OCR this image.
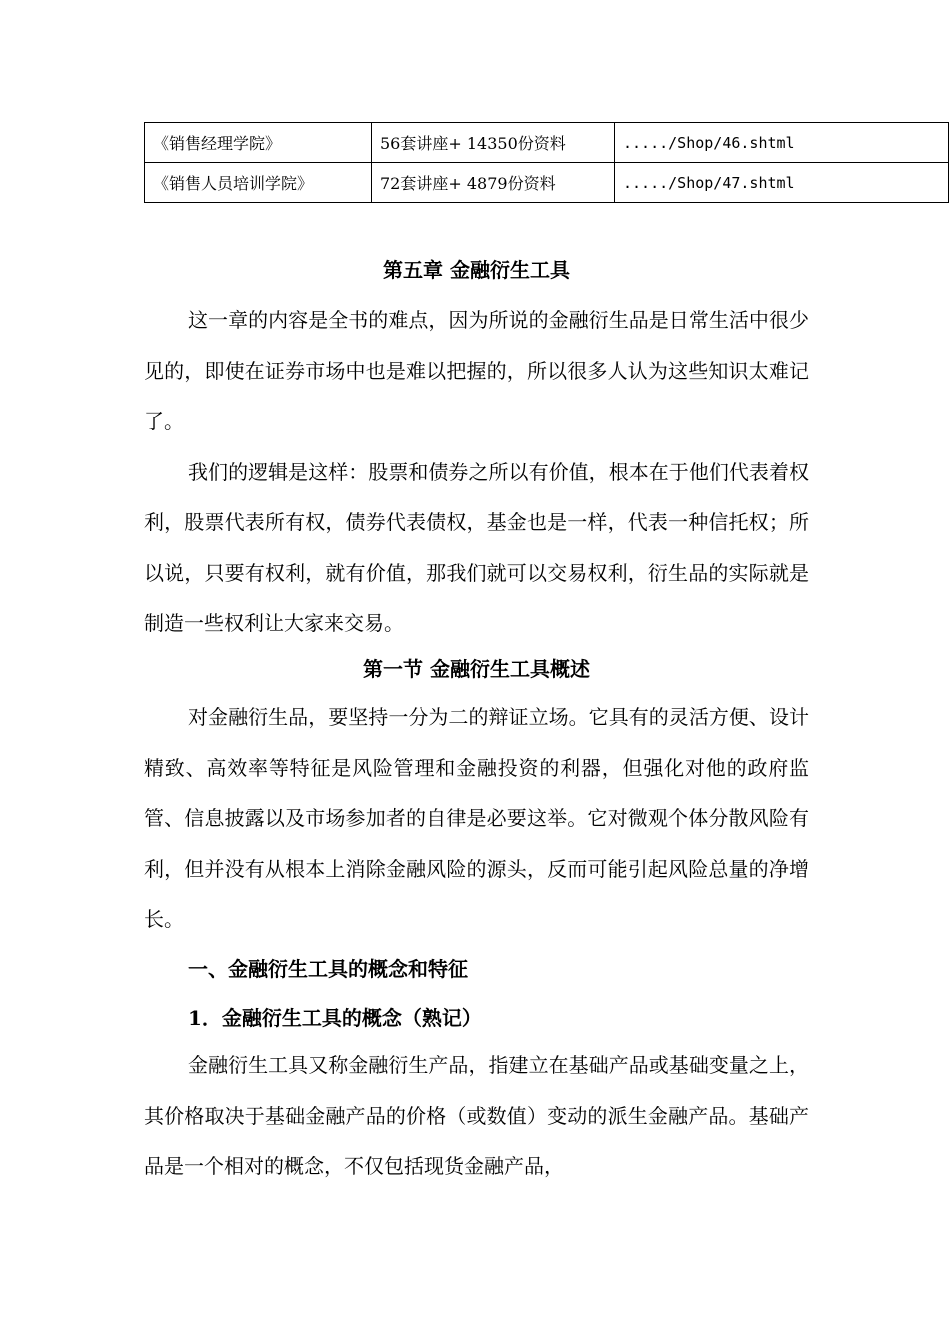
《销售经理学院》	56套讲座+ 14350份资料	...../Shop/46.shtml
《销售人员培训学院》	72套讲座+ 4879份资料	...../Shop/47.shtml
第五章 金融衍生工具

这一章的内容是全书的难点，因为所说的金融衍生品是日常生活中很少见的，即使在证券市场中也是难以把握的，所以很多人认为这些知识太难记了。

我们的逻辑是这样：股票和债券之所以有价值，根本在于他们代表着权利，股票代表所有权，债券代表债权，基金也是一样，代表一种信托权；所以说，只要有权利，就有价值，那我们就可以交易权利，衍生品的实际就是制造一些权利让大家来交易。

第一节 金融衍生工具概述

对金融衍生品，要坚持一分为二的辩证立场。它具有的灵活方便、设计精致、高效率等特征是风险管理和金融投资的利器，但强化对他的政府监管、信息披露以及市场参加者的自律是必要这举。它对微观个体分散风险有利，但并没有从根本上消除金融风险的源头，反而可能引起风险总量的净增长。

一、金融衍生工具的概念和特征
1．金融衍生工具的概念（熟记）

金融衍生工具又称金融衍生产品，指建立在基础产品或基础变量之上，其价格取决于基础金融产品的价格（或数值）变动的派生金融产品。基础产品是一个相对的概念，不仅包括现货金融产品，
